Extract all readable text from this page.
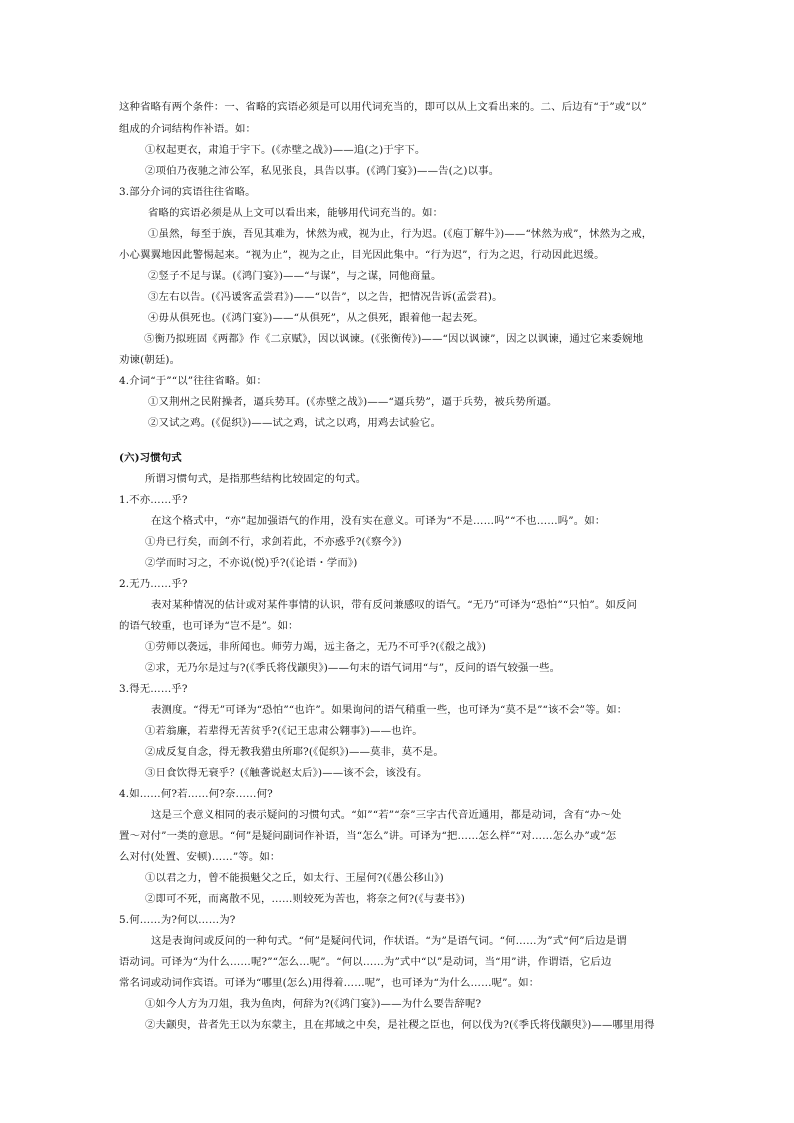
这种省略有两个条件：一、省略的宾语必须是可以用代词充当的，即可以从上文看出来的。二、后边有“于”或“以”
组成的介词结构作补语。如：
①权起更衣，肃追于宇下。(《赤壁之战》)——追(之)于宇下。
②项伯乃夜驰之沛公军，私见张良，具告以事。(《鸿门宴》)——告(之)以事。
3.部分介词的宾语往往省略。
省略的宾语必须是从上文可以看出来，能够用代词充当的。如：
①虽然，每至于族，吾见其难为，怵然为戒，视为止，行为迟。(《庖丁解牛》)——“怵然为戒”，怵然为之戒，
小心翼翼地因此警惕起来。“视为止”，视为之止，目光因此集中。“行为迟”，行为之迟，行动因此迟缓。
②竖子不足与谋。(《鸿门宴》)——“与谋”，与之谋，同他商量。
③左右以告。(《冯谖客孟尝君》)——“以告”，以之告，把情况告诉(孟尝君)。
④毋从俱死也。(《鸿门宴》)——“从俱死”，从之俱死，跟着他一起去死。
⑤衡乃拟班固《两都》作《二京赋》，因以讽谏。(《张衡传》)——“因以讽谏”，因之以讽谏，通过它来委婉地
劝谏(朝廷)。
4.介词“于”“以”往往省略。如：
①又荆州之民附操者，逼兵势耳。(《赤壁之战》)——“逼兵势”，逼于兵势，被兵势所逼。
②又试之鸡。(《促织》)——试之鸡，试之以鸡，用鸡去试验它。
(六)习惯句式
所谓习惯句式，是指那些结构比较固定的句式。
1.不亦……乎?
在这个格式中，“亦”起加强语气的作用，没有实在意义。可译为“不是……吗”“不也……吗”。如：
①舟已行矣，而剑不行，求剑若此，不亦惑乎?(《察今》)
②学而时习之，不亦说(悦)乎?(《论语・学而》)
2.无乃……乎?
表对某种情况的估计或对某件事情的认识，带有反问兼感叹的语气。“无乃”可译为“恐怕”“只怕”。如反问
的语气较重，也可译为“岂不是”。如：
①劳师以袭远，非所闻也。师劳力竭，远主备之，无乃不可乎?(《殽之战》)
②求，无乃尔是过与?(《季氏将伐颛臾》)——句末的语气词用“与”，反问的语气较强一些。
3.得无……乎?
表测度。“得无”可译为“恐怕”“也许”。如果询问的语气稍重一些，也可译为“莫不是”“该不会”等。如：
①若翁廉，若辈得无苦贫乎?(《记王忠肃公翱事》)——也许。
②成反复自念，得无教我猎虫所耶?(《促织》)——莫非，莫不是。
③日食饮得无衰乎？(《触詟说赵太后》)——该不会，该没有。
4.如……何?若……何?奈……何?
这是三个意义相同的表示疑问的习惯句式。“如”“若”“奈”三字古代音近通用，都是动词，含有“办～处
置～对付”一类的意思。“何”是疑问副词作补语，当“怎么”讲。可译为“把……怎么样”“对……怎么办”或“怎
么对付(处置、安顿)……”等。如：
①以君之力，曾不能损魁父之丘，如太行、王屋何?(《愚公移山》)
②即可不死，而离散不见，……则较死为苦也，将奈之何?(《与妻书》)
5.何……为?何以……为?
这是表询问或反问的一种句式。“何”是疑问代词，作状语。“为”是语气词。“何……为”式“何”后边是谓
语动词。可译为“为什么……呢?”“怎么…呢”。“何以……为”式中“以”是动词，当“用”讲，作谓语，它后边
常名词或动词作宾语。可译为“哪里(怎么)用得着……呢”，也可译为“为什么……呢”。如：
①如今人方为刀俎，我为鱼肉，何辞为?(《鸿门宴》)——为什么要告辞呢?
②夫颛臾，昔者先王以为东蒙主，且在邦域之中矣，是社稷之臣也，何以伐为?(《季氏将伐颛臾》)——哪里用得
